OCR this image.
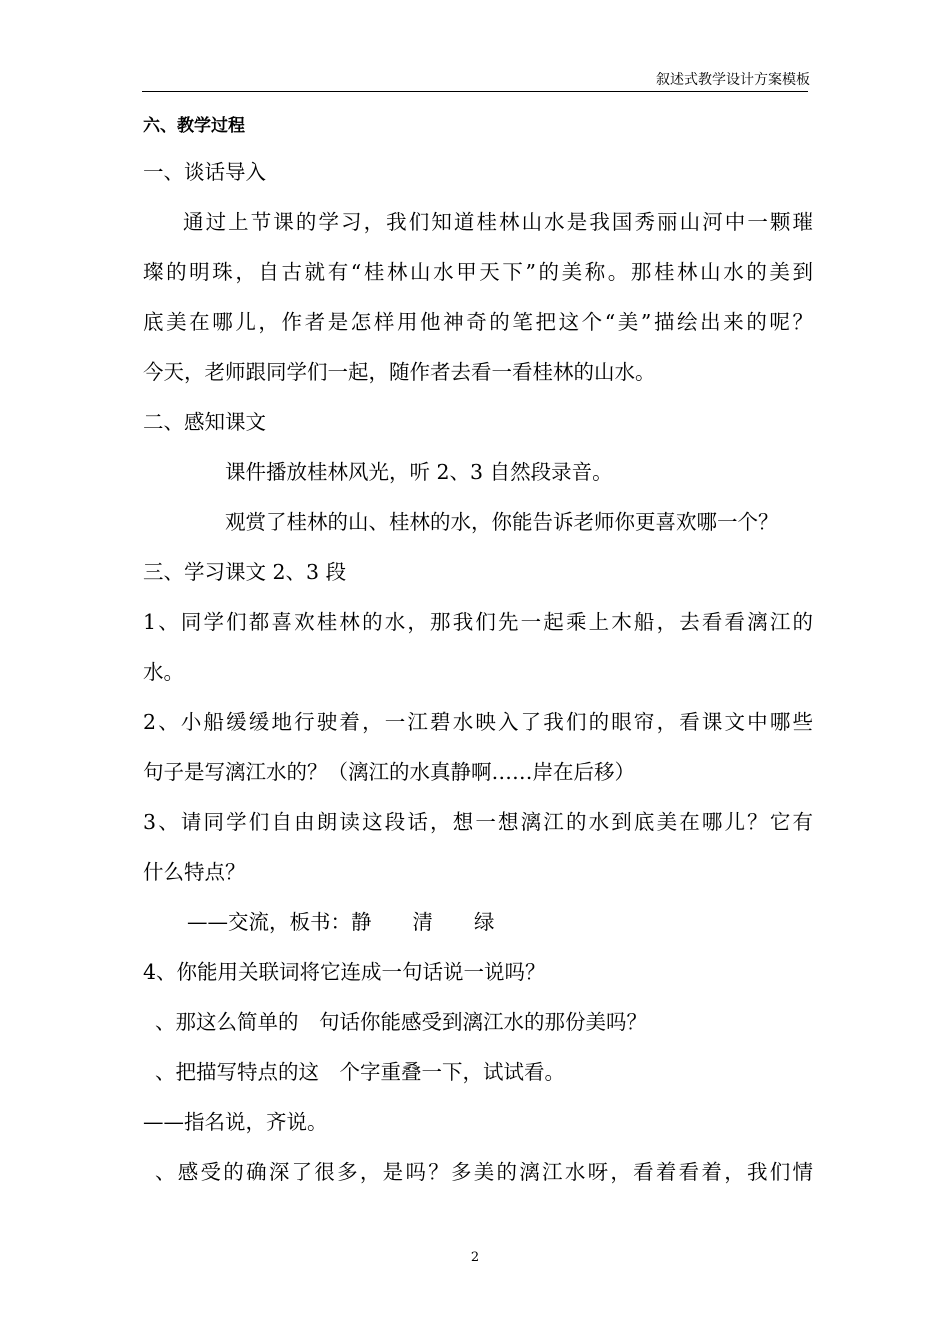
叙述式教学设计方案模板
六、教学过程
一、谈话导入
通过上节课的学习，我们知道桂林山水是我国秀丽山河中一颗璀
璨的明珠，自古就有“桂林山水甲天下”的美称。那桂林山水的美到
底美在哪儿，作者是怎样用他神奇的笔把这个“美”描绘出来的呢？
今天，老师跟同学们一起，随作者去看一看桂林的山水。
二、感知课文
课件播放桂林风光，听 2、3 自然段录音。
观赏了桂林的山、桂林的水，你能告诉老师你更喜欢哪一个？
三、学习课文 2、3 段
1、同学们都喜欢桂林的水，那我们先一起乘上木船，去看看漓江的
水。
2、小船缓缓地行驶着，一江碧水映入了我们的眼帘，看课文中哪些
句子是写漓江水的？（漓江的水真静啊……岸在后移）
3、请同学们自由朗读这段话，想一想漓江的水到底美在哪儿？它有
什么特点？
——交流，板书：静　　清　　绿
4、你能用关联词将它连成一句话说一说吗？
、那这么简单的　句话你能感受到漓江水的那份美吗？
、把描写特点的这　个字重叠一下，试试看。
——指名说，齐说。
、感受的确深了很多，是吗？多美的漓江水呀，看着看着，我们情
2
